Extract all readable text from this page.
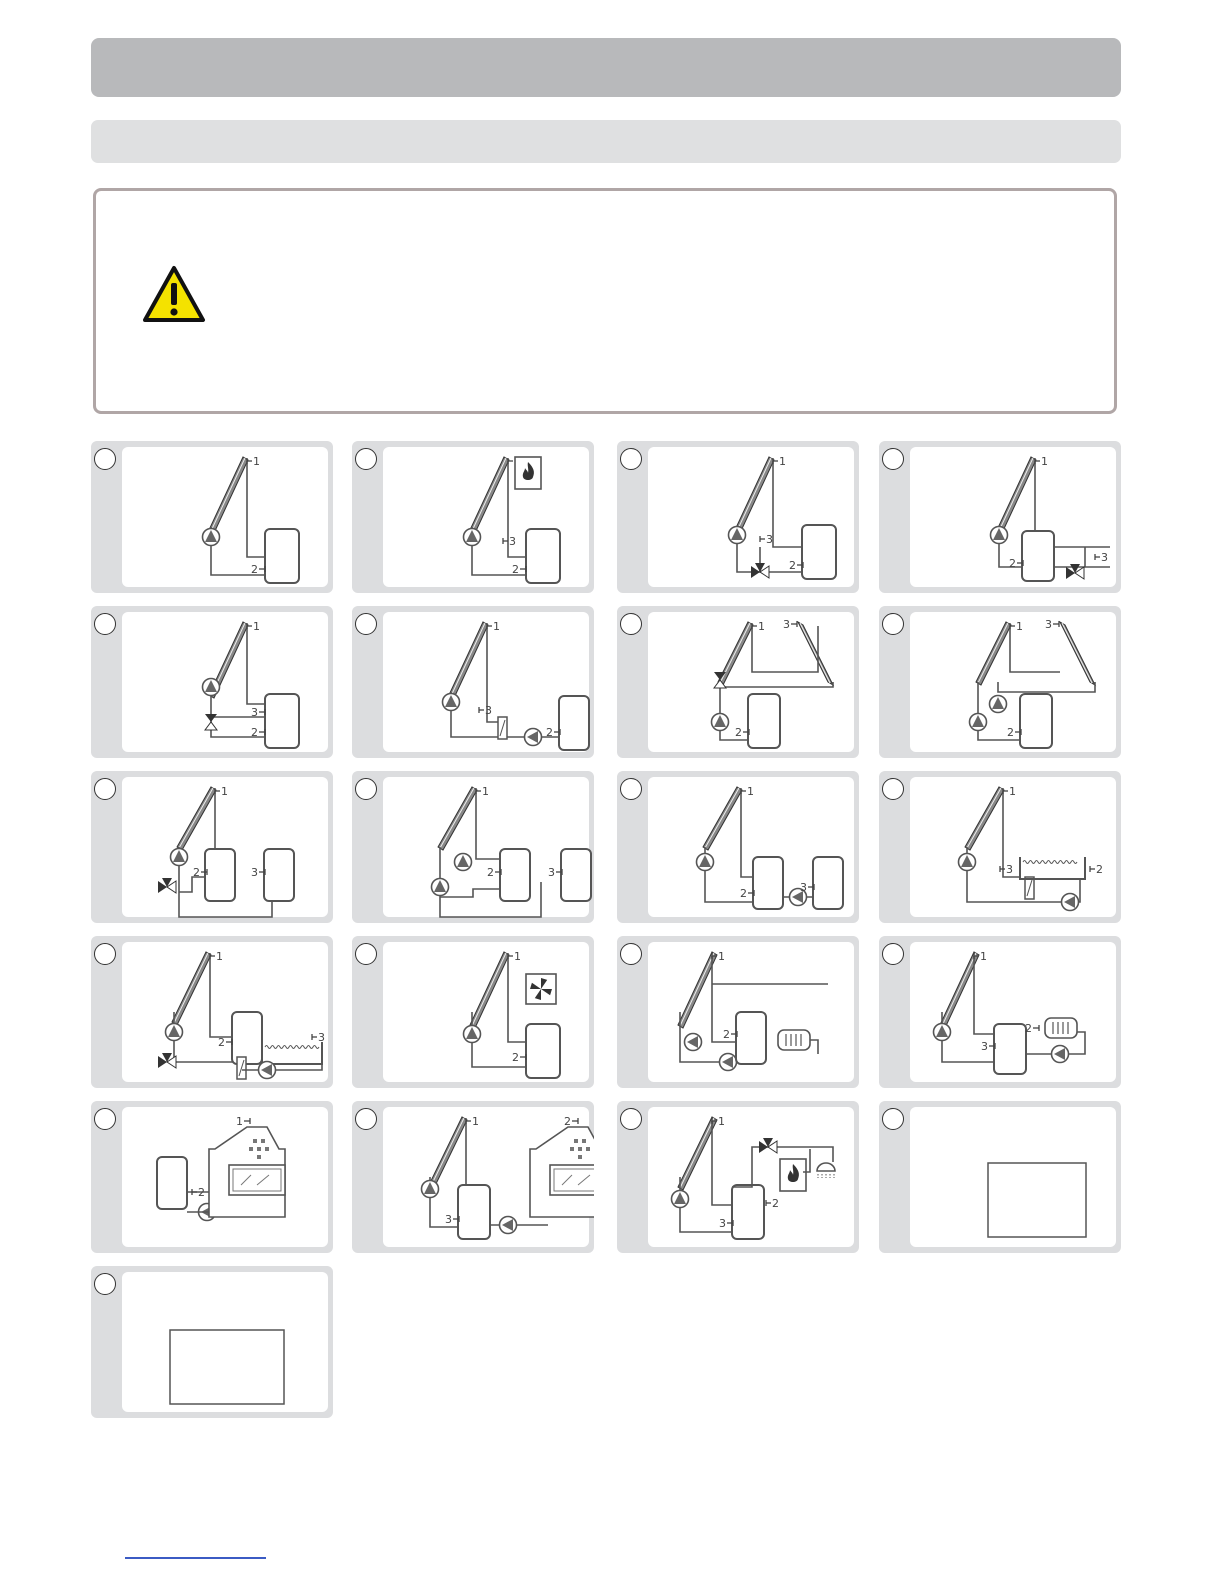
1
2	2
3
1
3
2	2	3
1
1
3
2
1
3
2
1 3
2
1 3
2
1
2	3
1
2	3
1
2	3
1
3	2
1
2	3
1
2
1
2
1
3
2
2
1	1
3
2	1
3
2
